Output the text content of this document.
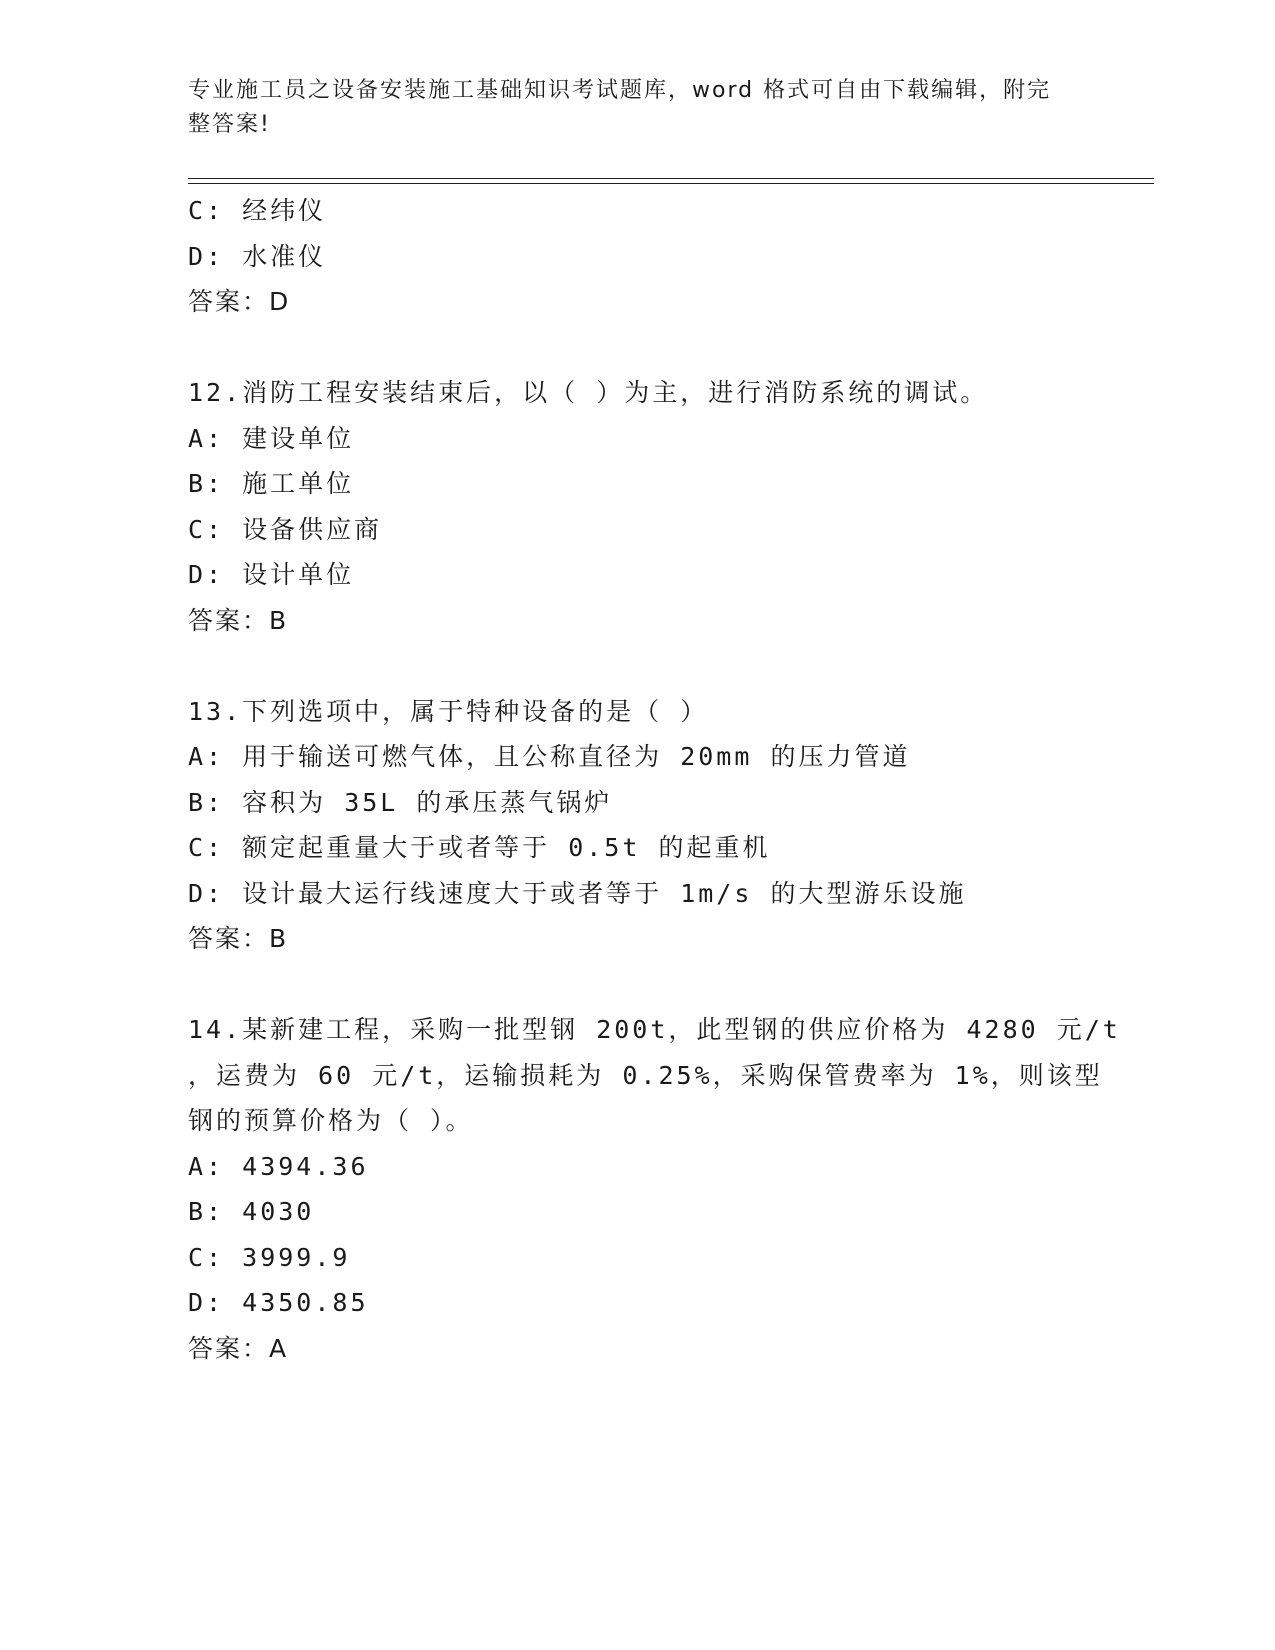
专业施工员之设备安装施工基础知识考试题库，word 格式可自由下载编辑，附完
整答案!
C: 经纬仪
D: 水准仪
答案：D
12.消防工程安装结束后，以（ ）为主，进行消防系统的调试。
A: 建设单位
B: 施工单位
C: 设备供应商
D: 设计单位
答案：B
13.下列选项中，属于特种设备的是（ ）
A: 用于输送可燃气体，且公称直径为 20mm 的压力管道
B: 容积为 35L 的承压蒸气锅炉
C: 额定起重量大于或者等于 0.5t 的起重机
D: 设计最大运行线速度大于或者等于 1m/s 的大型游乐设施
答案：B
14.某新建工程，采购一批型钢 200t，此型钢的供应价格为 4280 元/t
，运费为 60 元/t，运输损耗为 0.25%，采购保管费率为 1%，则该型
钢的预算价格为（ ）。
A: 4394.36
B: 4030
C: 3999.9
D: 4350.85
答案：A
